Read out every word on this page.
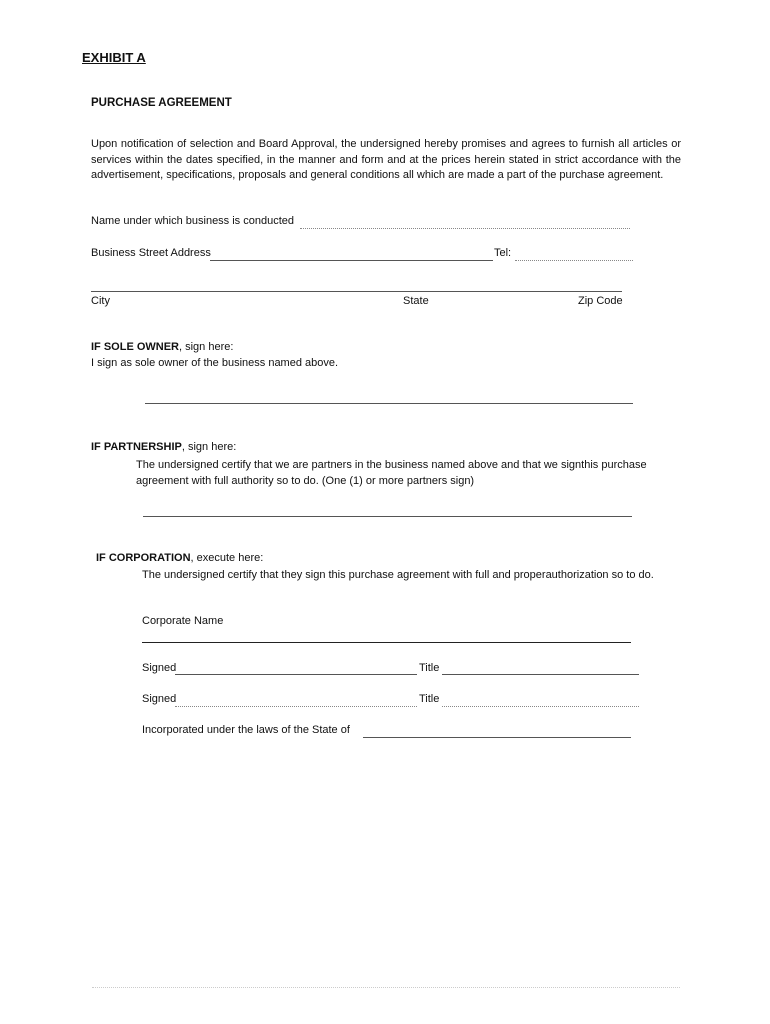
EXHIBIT A
PURCHASE AGREEMENT
Upon notification of selection and Board Approval, the undersigned hereby promises and agrees to furnish all articles or services within the dates specified, in the manner and form and at the prices herein stated in strict accordance with the advertisement, specifications, proposals and general conditions all which are made a part of the purchase agreement.
Name under which business is conducted
Business Street Address	Tel:
City	State	Zip Code
IF SOLE OWNER, sign here:
I sign as sole owner of the business named above.
IF PARTNERSHIP, sign here:
The undersigned certify that we are partners in the business named above and that we signthis purchase agreement with full authority so to do. (One (1) or more partners sign)
IF CORPORATION, execute here:
The undersigned certify that they sign this purchase agreement with full and properauthorization so to do.
Corporate Name
Signed	Title
Signed	Title
Incorporated under the laws of the State of
